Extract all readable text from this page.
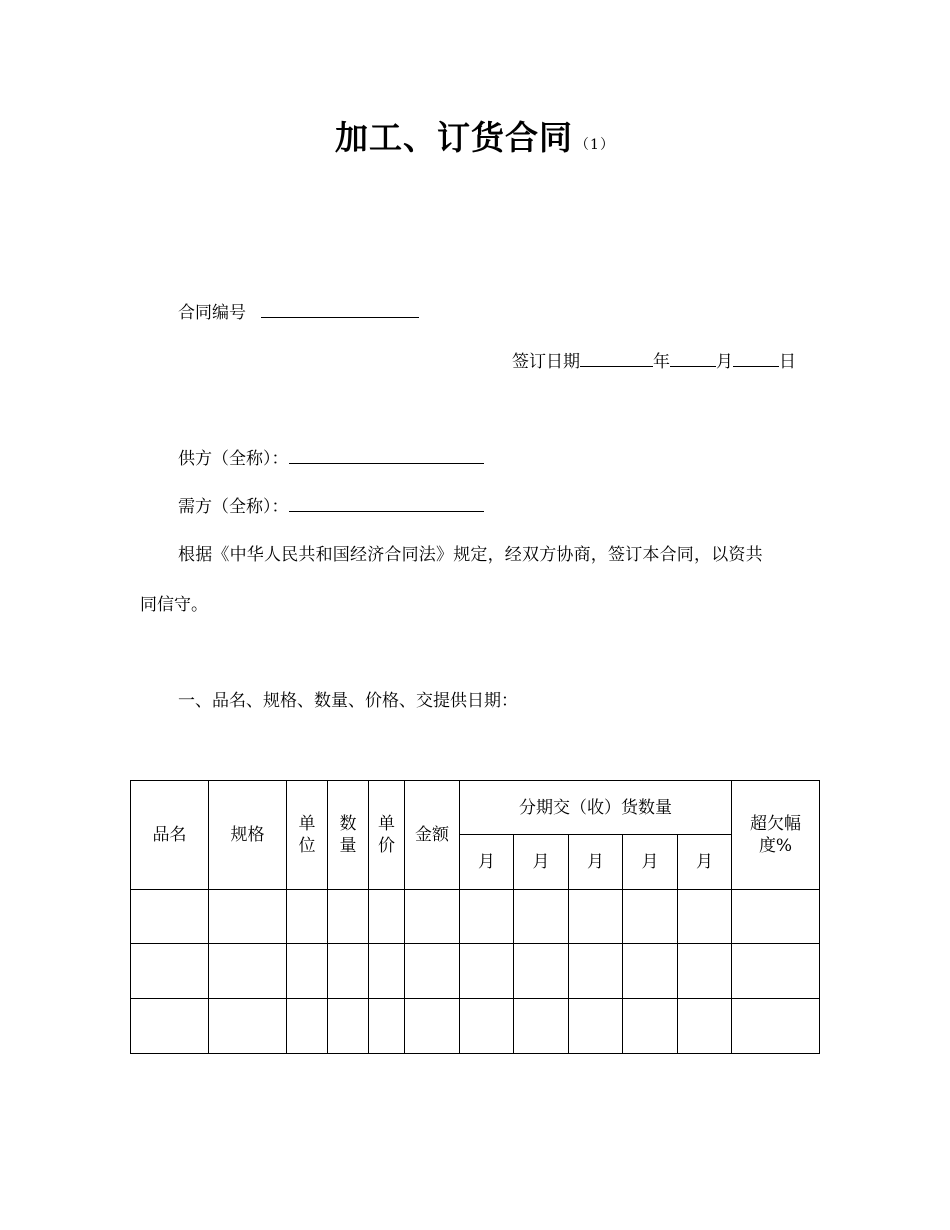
加工、订货合同 （1）
合同编号
签订日期	年	月	日
供方（全称）：
需方（全称）：
根据《中华人民共和国经济合同法》规定，经双方协商，签订本合同，以资共
同信守。
一、品名、规格、数量、价格、交提供日期：
品名	规格	单位	数量	单价	金额	分期交（收）货数量					超欠幅度%
						月	月	月	月	月	
